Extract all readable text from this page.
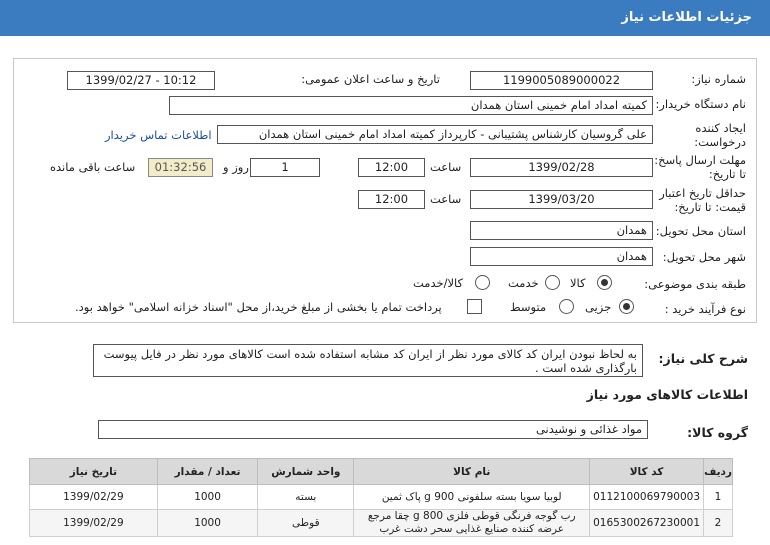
جزئیات اطلاعات نیاز
شماره نیاز:
1199005089000022
تاریخ و ساعت اعلان عمومی:
1399/02/27 - 10:12
نام دستگاه خریدار:
کمیته امداد امام خمینی استان همدان
ایجاد کننده
درخواست:
علی گروسیان کارشناس پشتیبانی - کارپرداز کمیته امداد امام خمینی استان همدان
اطلاعات تماس خریدار
مهلت ارسال پاسخ:
تا تاریخ:
1399/02/28
ساعت
12:00
1
روز و
01:32:56
ساعت باقی مانده
حداقل تاریخ اعتبار
قیمت: تا تاریخ:
1399/03/20
ساعت
12:00
استان محل تحویل:
همدان
شهر محل تحویل:
همدان
طبقه بندی موضوعی:
کالا
خدمت
کالا/خدمت
نوع فرآیند خرید :
جزیی
متوسط
پرداخت تمام یا بخشی از مبلغ خرید،از محل "اسناد خزانه اسلامی" خواهد بود.
شرح کلی نیاز:
به لحاظ نبودن ایران کد کالای مورد نظر از ایران کد مشابه استفاده شده است کالاهای مورد نظر در فایل پیوست بارگذاری شده است .
اطلاعات کالاهای مورد نیاز
گروه کالا:
مواد غذائی و نوشیدنی
ردیف	کد کالا	نام کالا	واحد شمارش	تعداد / مقدار	تاریخ نیاز
1	0112100069790003	لوبیا سویا بسته سلفونی 900 g پاک ثمین	بسته	1000	1399/02/29
2	0165300267230001	رب گوجه فرنگی قوطی فلزی 800 g چقا مرجع عرضه کننده صنایع غذایی سحر دشت غرب	قوطی	1000	1399/02/29
